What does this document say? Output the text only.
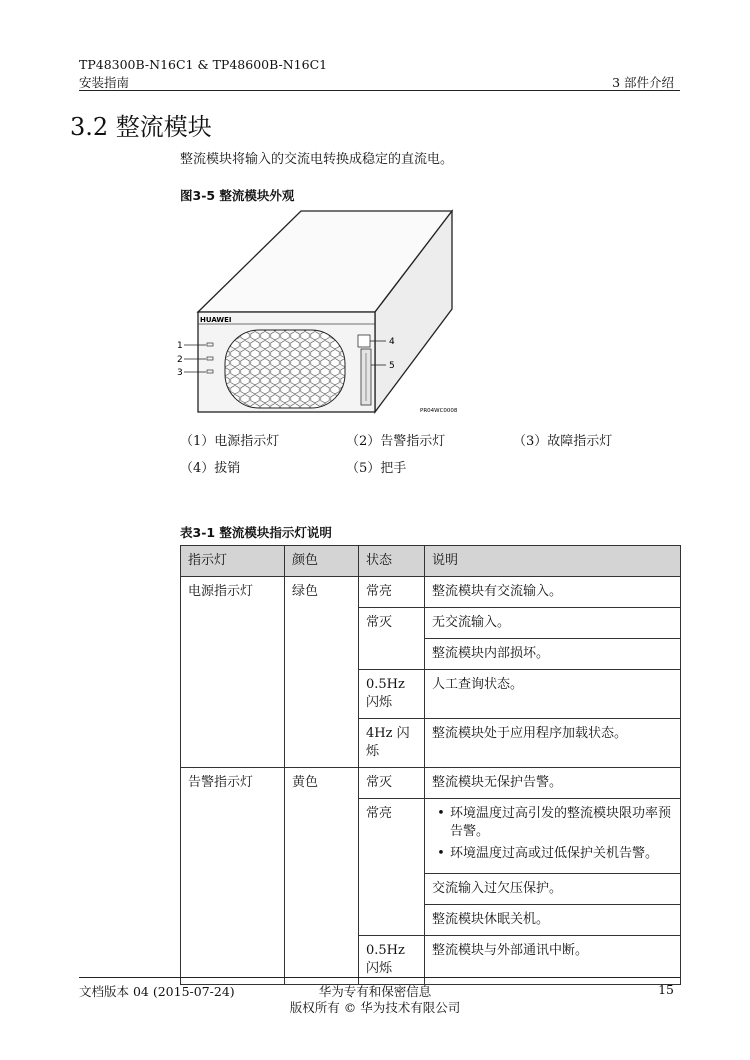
TP48300B-N16C1 & TP48600B-N16C1
安装指南	3 部件介绍
3.2 整流模块
整流模块将输入的交流电转换成稳定的直流电。
图3-5 整流模块外观
HUAWEI
1
2
3
4
5
PR04WC0008
（1）电源指示灯	（2）告警指示灯	（3）故障指示灯
（4）拔销	（5）把手
表3-1 整流模块指示灯说明
指示灯	颜色	状态	说明
电源指示灯	绿色	常亮	整流模块有交流输入。
		常灭	无交流输入。
			整流模块内部损坏。
		0.5Hz 闪烁	人工查询状态。
		4Hz 闪烁	整流模块处于应用程序加载状态。
告警指示灯	黄色	常灭	整流模块无保护告警。
		常亮	• 环境温度过高引发的整流模块限功率预告警。
• 环境温度过高或过低保护关机告警。

			交流输入过欠压保护。
			整流模块休眠关机。
		0.5Hz 闪烁	整流模块与外部通讯中断。
文档版本 04 (2015-07-24)	华为专有和保密信息
版权所有 © 华为技术有限公司
15
